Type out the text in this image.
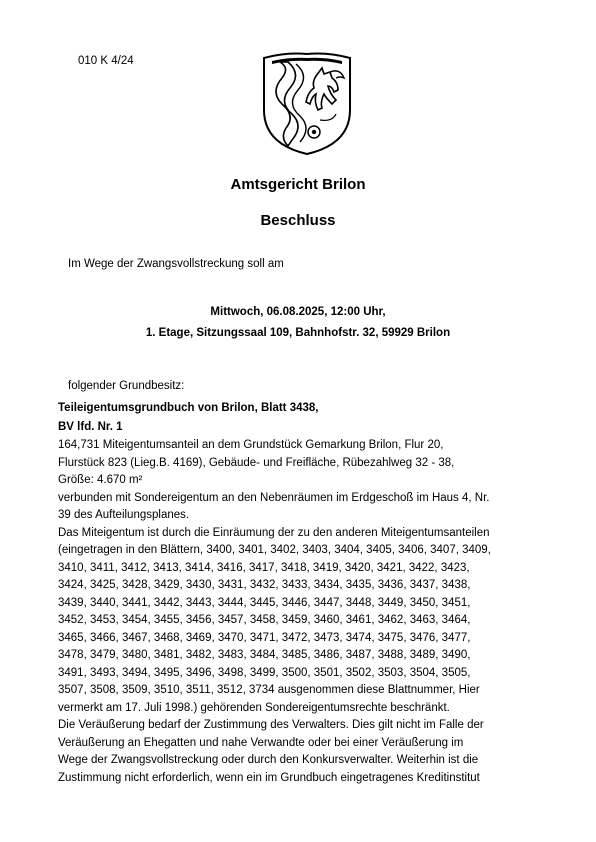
010 K 4/24
Amtsgericht Brilon
Beschluss
Im Wege der Zwangsvollstreckung soll am
Mittwoch, 06.08.2025, 12:00 Uhr,
1. Etage, Sitzungssaal 109, Bahnhofstr. 32, 59929 Brilon
folgender Grundbesitz:
Teileigentumsgrundbuch von Brilon, Blatt 3438,
BV lfd. Nr. 1
164,731 Miteigentumsanteil an dem Grundstück Gemarkung Brilon, Flur 20,
Flurstück 823 (Lieg.B. 4169), Gebäude- und Freifläche, Rübezahlweg 32 - 38,
Größe: 4.670 m²
verbunden mit Sondereigentum an den Nebenräumen im Erdgeschoß im Haus 4, Nr.
39 des Aufteilungsplanes.
Das Miteigentum ist durch die Einräumung der zu den anderen Miteigentumsanteilen
(eingetragen in den Blättern, 3400, 3401, 3402, 3403, 3404, 3405, 3406, 3407, 3409,
3410, 3411, 3412, 3413, 3414, 3416, 3417, 3418, 3419, 3420, 3421, 3422, 3423,
3424, 3425, 3428, 3429, 3430, 3431, 3432, 3433, 3434, 3435, 3436, 3437, 3438,
3439, 3440, 3441, 3442, 3443, 3444, 3445, 3446, 3447, 3448, 3449, 3450, 3451,
3452, 3453, 3454, 3455, 3456, 3457, 3458, 3459, 3460, 3461, 3462, 3463, 3464,
3465, 3466, 3467, 3468, 3469, 3470, 3471, 3472, 3473, 3474, 3475, 3476, 3477,
3478, 3479, 3480, 3481, 3482, 3483, 3484, 3485, 3486, 3487, 3488, 3489, 3490,
3491, 3493, 3494, 3495, 3496, 3498, 3499, 3500, 3501, 3502, 3503, 3504, 3505,
3507, 3508, 3509, 3510, 3511, 3512, 3734 ausgenommen diese Blattnummer, Hier
vermerkt am 17. Juli 1998.) gehörenden Sondereigentumsrechte beschränkt.
Die Veräußerung bedarf der Zustimmung des Verwalters. Dies gilt nicht im Falle der
Veräußerung an Ehegatten und nahe Verwandte oder bei einer Veräußerung im
Wege der Zwangsvollstreckung oder durch den Konkursverwalter. Weiterhin ist die
Zustimmung nicht erforderlich, wenn ein im Grundbuch eingetragenes Kreditinstitut
